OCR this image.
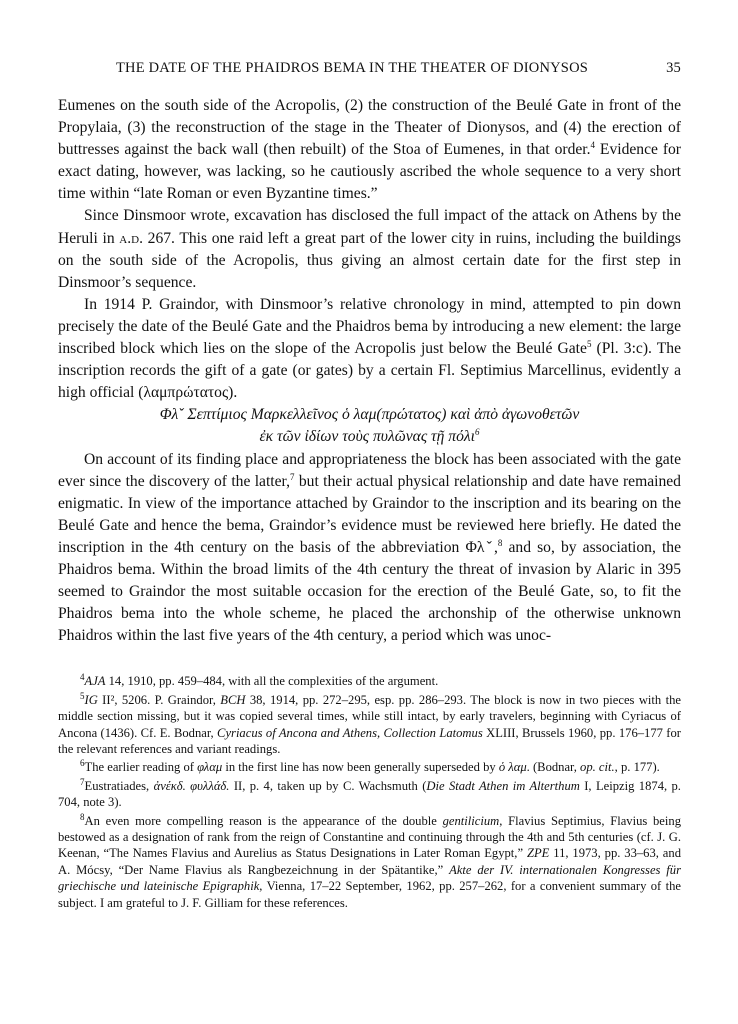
THE DATE OF THE PHAIDROS BEMA IN THE THEATER OF DIONYSOS	35

Eumenes on the south side of the Acropolis, (2) the construction of the Beulé Gate in front of the Propylaia, (3) the reconstruction of the stage in the Theater of Dionysos, and (4) the erection of buttresses against the back wall (then rebuilt) of the Stoa of Eumenes, in that order.$^4$ Evidence for exact dating, however, was lacking, so he cautiously ascribed the whole sequence to a very short time within “late Roman or even Byzantine times.”

Since Dinsmoor wrote, excavation has disclosed the full impact of the attack on Athens by the Heruli in a.d. 267. This one raid left a great part of the lower city in ruins, including the buildings on the south side of the Acropolis, thus giving an almost certain date for the first step in Dinsmoor’s sequence.

In 1914 P. Graindor, with Dinsmoor’s relative chronology in mind, attempted to pin down precisely the date of the Beulé Gate and the Phaidros bema by introducing a new element: the large inscribed block which lies on the slope of the Acropolis just below the Beulé Gate$^5$ (Pl. 3:c). The inscription records the gift of a gate (or gates) by a certain Fl. Septimius Marcellinus, evidently a high official (λαμπρώτατος).

Φλˇ Σεπτίμιος Μαρκελλεῖνος ὁ λαμ(πρώτατος) καὶ ἀπὸ ἀγωνοθετῶν
ἐκ τῶν ἰδίων τοὺς πυλῶνας τῇ πόλι$^6$

On account of its finding place and appropriateness the block has been associated with the gate ever since the discovery of the latter,$^7$ but their actual physical relationship and date have remained enigmatic. In view of the importance attached by Graindor to the inscription and its bearing on the Beulé Gate and hence the bema, Graindor’s evidence must be reviewed here briefly. He dated the inscription in the 4th century on the basis of the abbreviation Φλˇ,$^8$ and so, by association, the Phaidros bema. Within the broad limits of the 4th century the threat of invasion by Alaric in 395 seemed to Graindor the most suitable occasion for the erection of the Beulé Gate, so, to fit the Phaidros bema into the whole scheme, he placed the archonship of the otherwise unknown Phaidros within the last five years of the 4th century, a period which was unoc-

$^4$AJA 14, 1910, pp. 459–484, with all the complexities of the argument.

$^5$IG II², 5206. P. Graindor, BCH 38, 1914, pp. 272–295, esp. pp. 286–293. The block is now in two pieces with the middle section missing, but it was copied several times, while still intact, by early travelers, beginning with Cyriacus of Ancona (1436). Cf. E. Bodnar, Cyriacus of Ancona and Athens, Collection Latomus XLIII, Brussels 1960, pp. 176–177 for the relevant references and variant readings.

$^6$The earlier reading of φλαμ in the first line has now been generally superseded by ὁ λαμ. (Bodnar, op. cit., p. 177).

$^7$Eustratiades, ἀνέκδ. φυλλάδ. II, p. 4, taken up by C. Wachsmuth (Die Stadt Athen im Alterthum I, Leipzig 1874, p. 704, note 3).

$^8$An even more compelling reason is the appearance of the double gentilicium, Flavius Septimius, Flavius being bestowed as a designation of rank from the reign of Constantine and continuing through the 4th and 5th centuries (cf. J. G. Keenan, “The Names Flavius and Aurelius as Status Designations in Later Roman Egypt,” ZPE 11, 1973, pp. 33–63, and A. Mócsy, “Der Name Flavius als Rangbezeichnung in der Spätantike,” Akte der IV. internationalen Kongresses für griechische und lateinische Epigraphik, Vienna, 17–22 September, 1962, pp. 257–262, for a convenient summary of the subject. I am grateful to J. F. Gilliam for these references.
